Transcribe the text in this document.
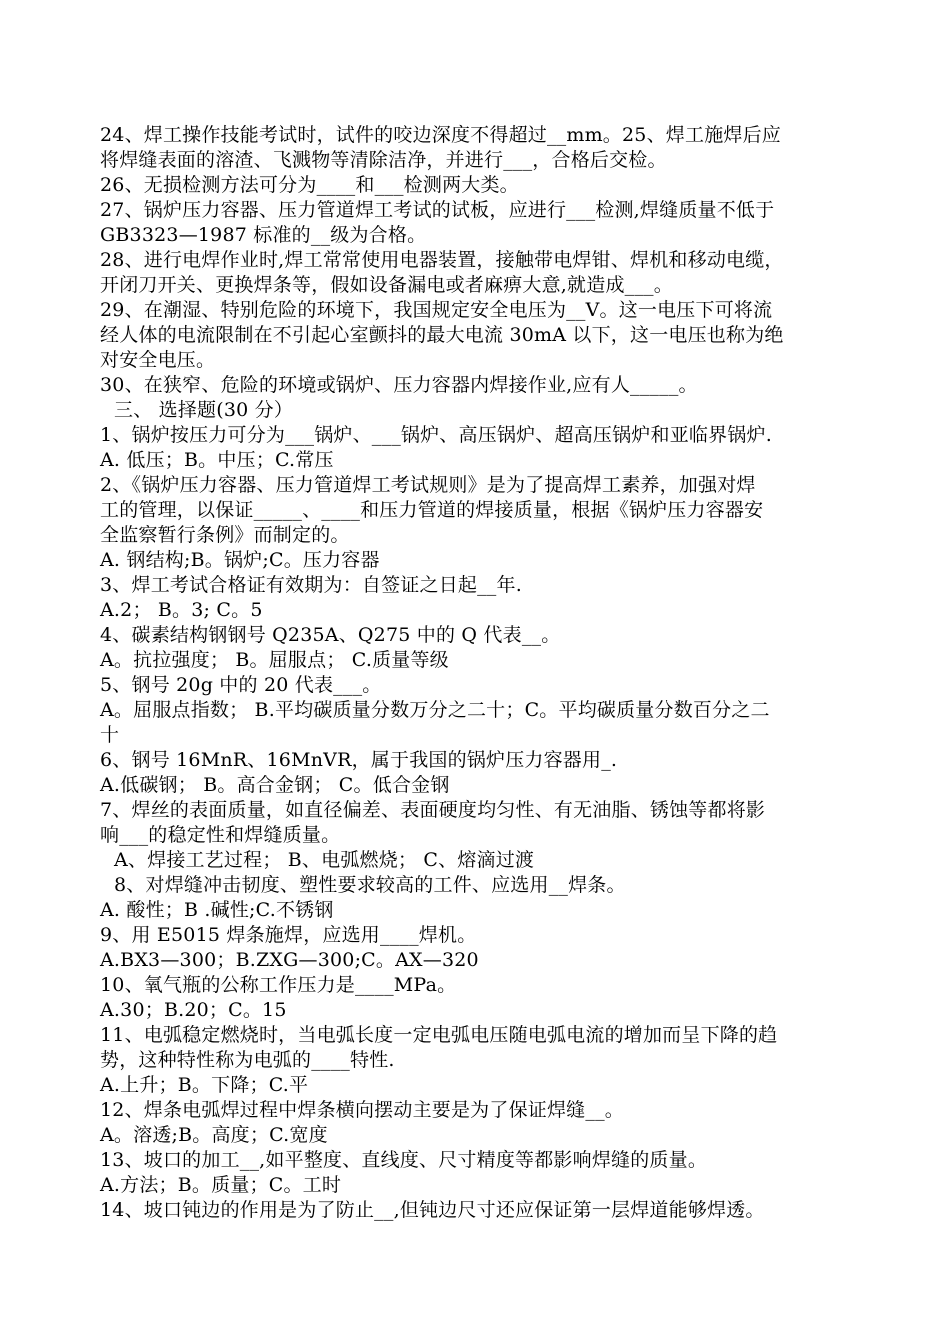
24、焊工操作技能考试时，试件的咬边深度不得超过__mm。25、焊工施焊后应
将焊缝表面的溶渣、飞溅物等清除洁净，并进行___，合格后交检。
26、无损检测方法可分为____和___检测两大类。
27、锅炉压力容器、压力管道焊工考试的试板，应进行___检测,焊缝质量不低于
GB3323—1987 标准的__级为合格。
28、进行电焊作业时,焊工常常使用电器装置，接触带电焊钳、焊机和移动电缆，
开闭刀开关、更换焊条等，假如设备漏电或者麻痹大意,就造成___。
29、在潮湿、特别危险的环境下，我国规定安全电压为__V。这一电压下可将流
经人体的电流限制在不引起心室颤抖的最大电流 30mA 以下，这一电压也称为绝
对安全电压。
30、在狭窄、危险的环境或锅炉、压力容器内焊接作业,应有人_____。
三、 选择题(30 分）
1、锅炉按压力可分为___锅炉、___锅炉、高压锅炉、超高压锅炉和亚临界锅炉.
A. 低压；B。中压；C.常压
2、《锅炉压力容器、压力管道焊工考试规则》是为了提高焊工素养，加强对焊
工的管理，以保证_____、____和压力管道的焊接质量，根据《锅炉压力容器安
全监察暂行条例》而制定的。
A. 钢结构;B。锅炉;C。压力容器
3、焊工考试合格证有效期为：自签证之日起__年.
A.2； B。3; C。5
4、碳素结构钢钢号 Q235A、Q275 中的 Q 代表__。
A。抗拉强度； B。屈服点； C.质量等级
5、钢号 20g 中的 20 代表___。
A。屈服点指数； B.平均碳质量分数万分之二十；C。平均碳质量分数百分之二
十
6、钢号 16MnR、16MnVR，属于我国的锅炉压力容器用_.
A.低碳钢； B。高合金钢； C。低合金钢
7、焊丝的表面质量，如直径偏差、表面硬度均匀性、有无油脂、锈蚀等都将影
响___的稳定性和焊缝质量。
A、焊接工艺过程； B、电弧燃烧； C、熔滴过渡
8、对焊缝冲击韧度、塑性要求较高的工件、应选用__焊条。
A. 酸性；B .碱性;C.不锈钢
9、用 E5015 焊条施焊，应选用____焊机。
A.BX3—300；B.ZXG—300;C。AX—320
10、氧气瓶的公称工作压力是____MPa。
A.30；B.20；C。15
11、电弧稳定燃烧时，当电弧长度一定电弧电压随电弧电流的增加而呈下降的趋
势，这种特性称为电弧的____特性.
A.上升；B。下降；C.平
12、焊条电弧焊过程中焊条横向摆动主要是为了保证焊缝__。
A。溶透;B。高度；C.宽度
13、坡口的加工__,如平整度、直线度、尺寸精度等都影响焊缝的质量。
A.方法；B。质量；C。工时
14、坡口钝边的作用是为了防止__,但钝边尺寸还应保证第一层焊道能够焊透。
